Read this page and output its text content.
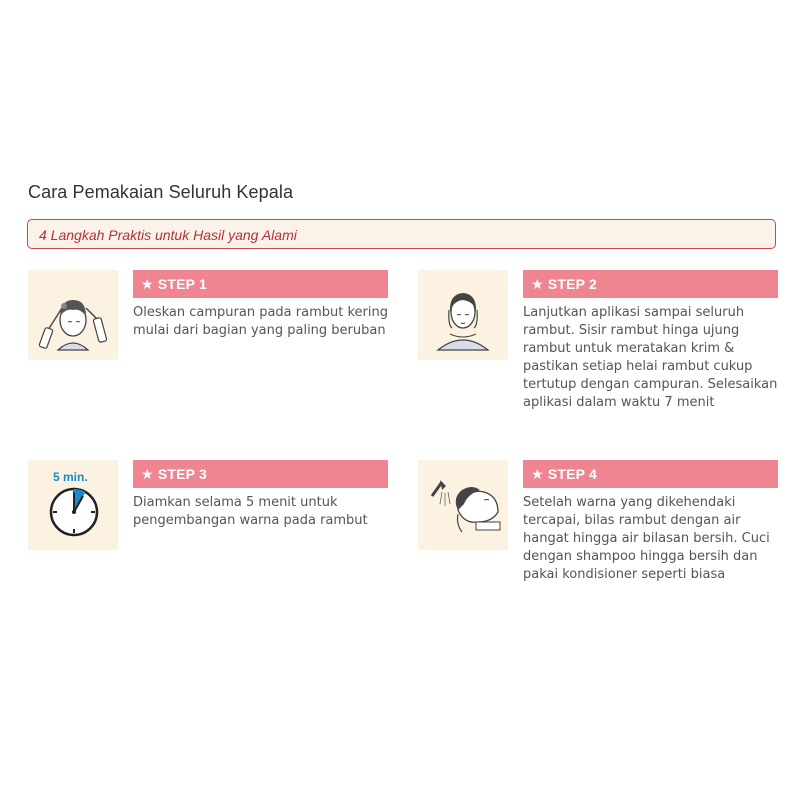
Cara Pemakaian Seluruh Kepala
4 Langkah Praktis untuk Hasil yang Alami
★ STEP 1
Oleskan campuran pada rambut kering mulai dari bagian yang paling beruban
★ STEP 2
Lanjutkan aplikasi sampai seluruh rambut. Sisir rambut hinga ujung rambut untuk meratakan krim & pastikan setiap helai rambut cukup tertutup dengan campuran. Selesaikan aplikasi dalam waktu 7 menit
5 min.	★ STEP 3
Diamkan selama 5 menit untuk pengembangan warna pada rambut
★ STEP 4
Setelah warna yang dikehendaki tercapai, bilas rambut dengan air hangat hingga air bilasan bersih. Cuci dengan shampoo hingga bersih dan pakai kondisioner seperti biasa
